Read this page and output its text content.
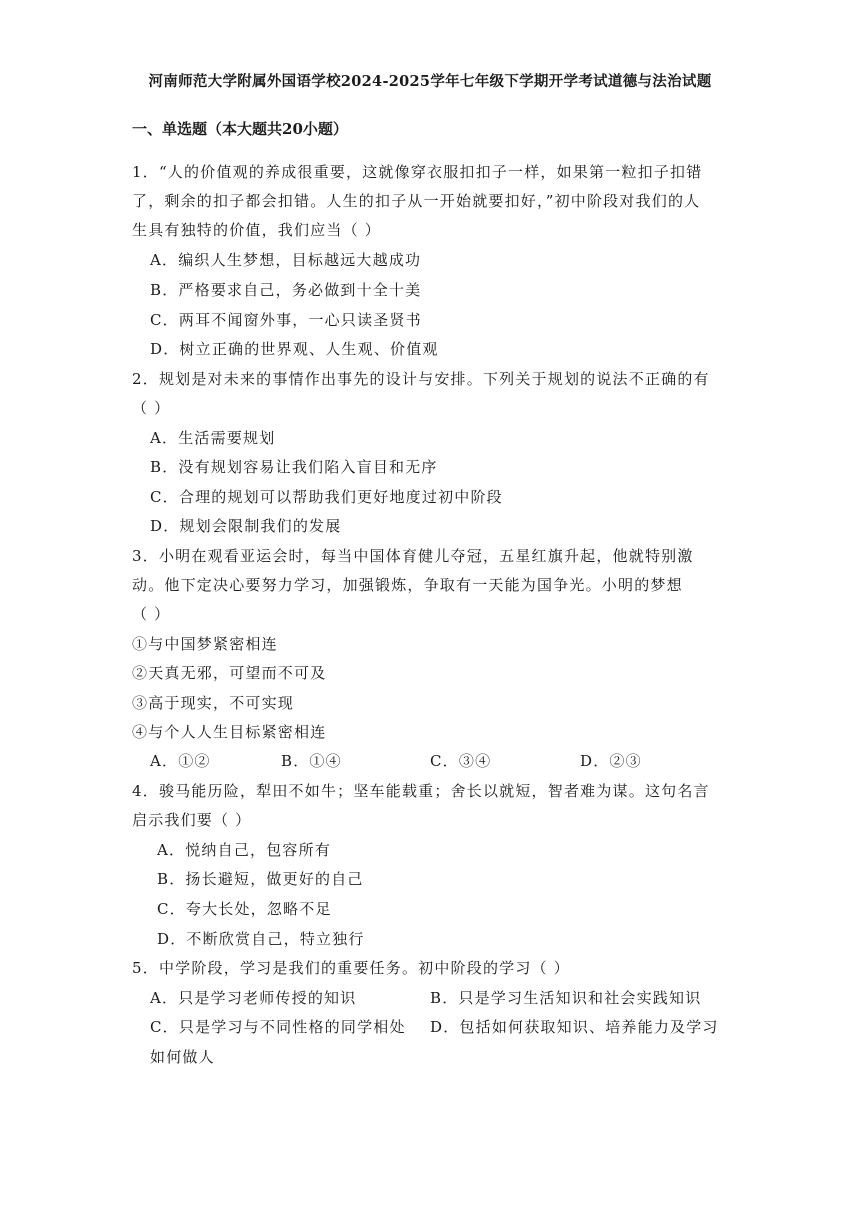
河南师范大学附属外国语学校2024-2025学年七年级下学期开学考试道德与法治试题
一、单选题（本大题共20小题）
1．“人的价值观的养成很重要，这就像穿衣服扣扣子一样，如果第一粒扣子扣错
了，剩余的扣子都会扣错。人生的扣子从一开始就要扣好，”初中阶段对我们的人
生具有独特的价值，我们应当（ ）
A．编织人生梦想，目标越远大越成功
B．严格要求自己，务必做到十全十美
C．两耳不闻窗外事，一心只读圣贤书
D．树立正确的世界观、人生观、价值观
2．规划是对未来的事情作出事先的设计与安排。下列关于规划的说法不正确的有
（ ）
A．生活需要规划
B．没有规划容易让我们陷入盲目和无序
C．合理的规划可以帮助我们更好地度过初中阶段
D．规划会限制我们的发展
3．小明在观看亚运会时，每当中国体育健儿夺冠，五星红旗升起，他就特别激
动。他下定决心要努力学习，加强锻炼，争取有一天能为国争光。小明的梦想
（ ）
①与中国梦紧密相连
②天真无邪，可望而不可及
③高于现实，不可实现
④与个人人生目标紧密相连
A．①②	B．①④	C．③④	D．②③
4．骏马能历险，犁田不如牛；坚车能载重；舍长以就短，智者难为谋。这句名言
启示我们要（ ）
A．悦纳自己，包容所有
B．扬长避短，做更好的自己
C．夸大长处，忽略不足
D．不断欣赏自己，特立独行
5．中学阶段，学习是我们的重要任务。初中阶段的学习（ ）
A．只是学习老师传授的知识	B．只是学习生活知识和社会实践知识
C．只是学习与不同性格的同学相处 D．包括如何获取知识、培养能力及学习
如何做人
